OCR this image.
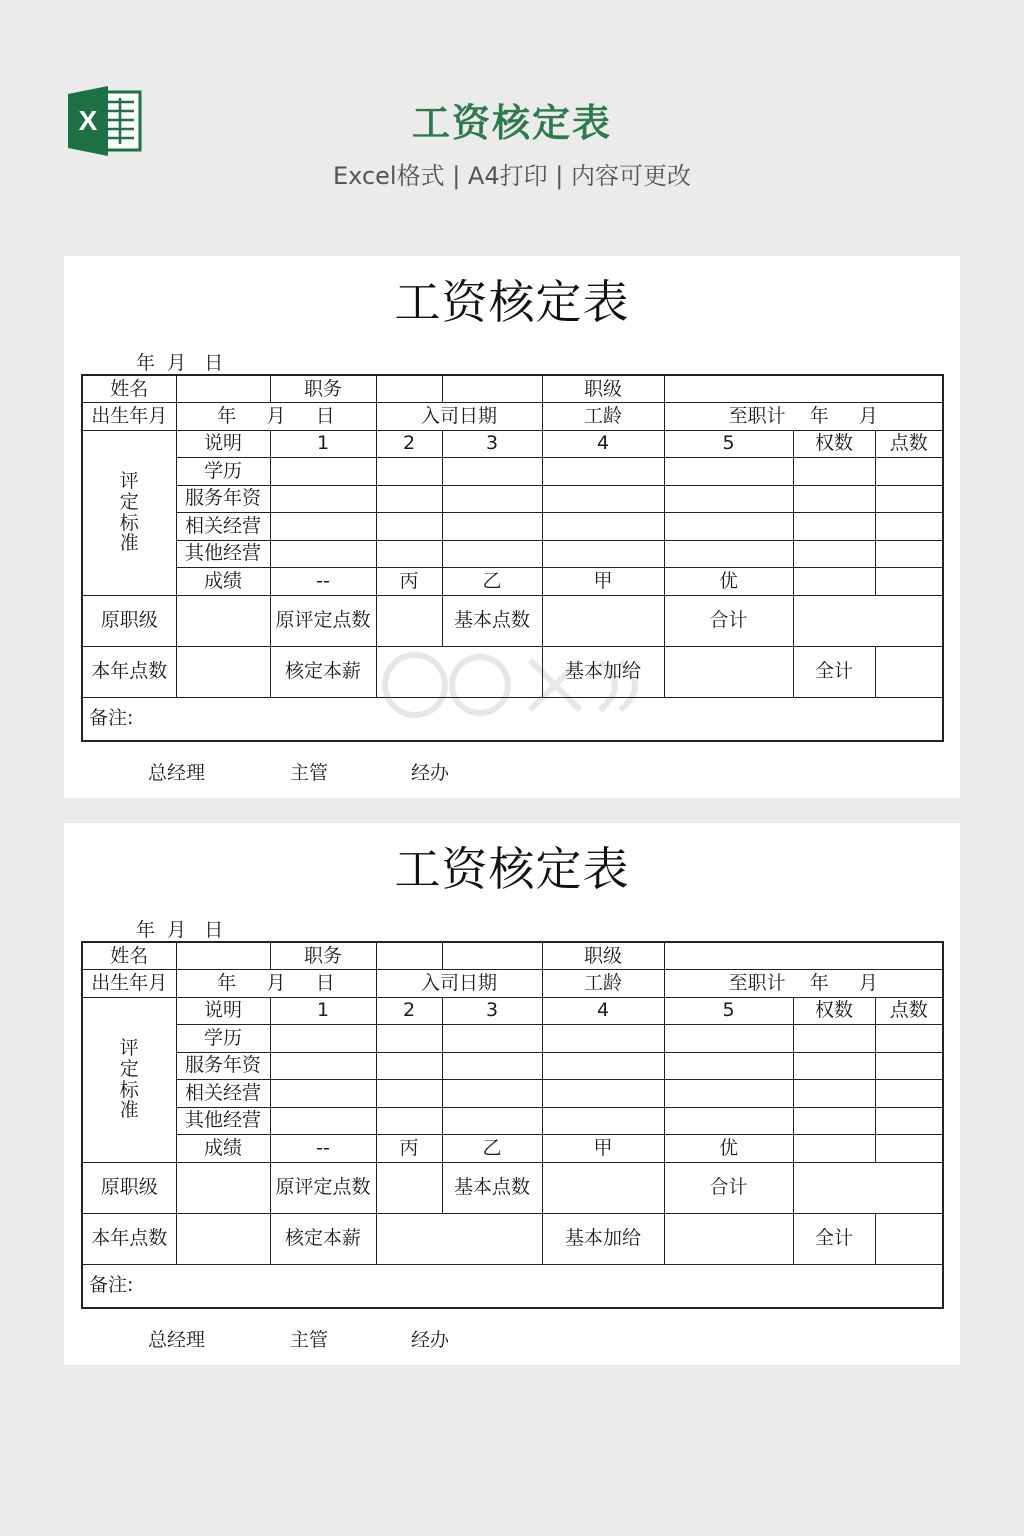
X	工资核定表
Excel格式 | A4打印 | 内容可更改
工资核定表
年  月   日
姓名		职务			职级			
出生年月	年     月     日		入司日期		工龄	至职计    年     月		
评
定
标
准	说明	1	2	3	4	5	权数	点数
	学历							
	服务年资							
	相关经营							
	其他经营							
	成绩	--	丙	乙	甲	优		
原职级		原评定点数		基本点数		合计		
本年点数		核定本薪			基本加给		全计	
备注:								
总经理	主管	经办
工资核定表
年  月   日
姓名		职务			职级			
出生年月	年     月     日		入司日期		工龄	至职计    年     月		
评
定
标
准	说明	1	2	3	4	5	权数	点数
	学历							
	服务年资							
	相关经营							
	其他经营							
	成绩	--	丙	乙	甲	优		
原职级		原评定点数		基本点数		合计		
本年点数		核定本薪			基本加给		全计	
备注:								
总经理	主管	经办
